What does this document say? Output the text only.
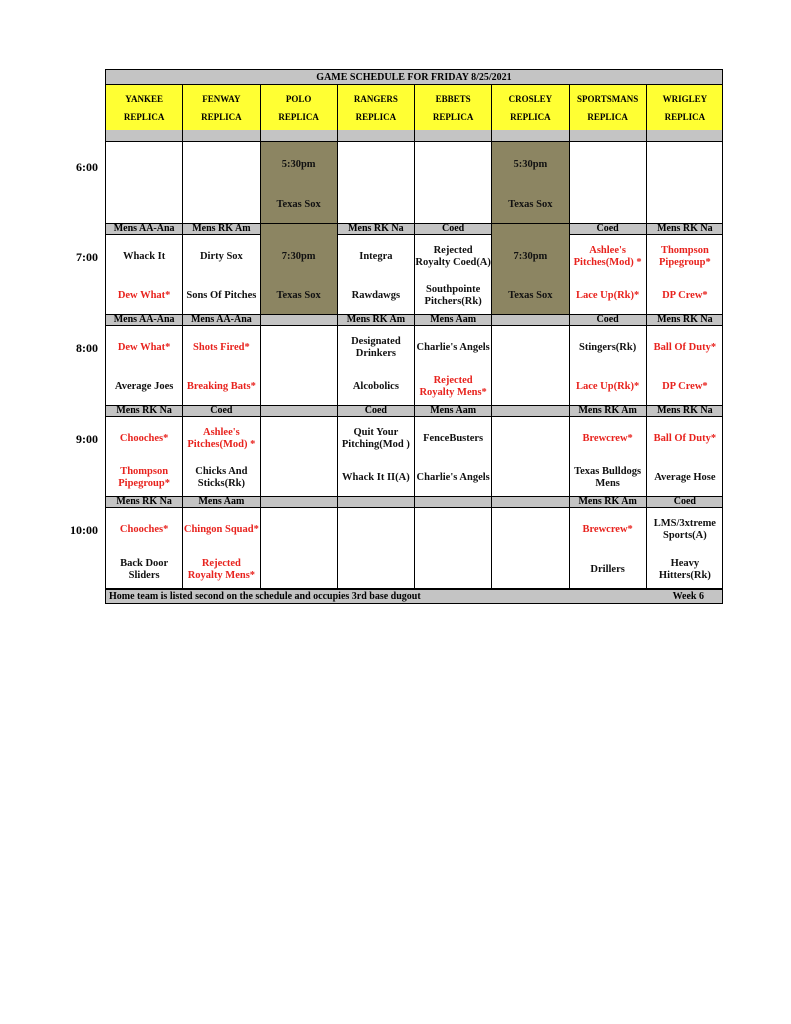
6:00
7:00
8:00
9:00
10:00
GAME SCHEDULE FOR FRIDAY 8/25/2021
YANKEE
REPLICA
Mens AA-Ana
Whack It
Dew What*
Mens AA-Ana
Dew What*
Average Joes
Mens RK Na
Chooches*
Thompson Pipegroup*
Mens RK Na
Chooches*
Back Door Sliders
FENWAY
REPLICA
Mens RK Am
Dirty Sox
Sons Of Pitches
Mens AA-Ana
Shots Fired*
Breaking Bats*
Coed
Ashlee's Pitches(Mod) *
Chicks And Sticks(Rk)
Mens Aam
Chingon Squad*
Rejected Royalty Mens*
POLO
REPLICA
5:30pm
Texas Sox
7:30pm
Texas Sox
RANGERS
REPLICA
Mens RK Na
Integra
Rawdawgs
Mens RK Am
Designated Drinkers
Alcobolics
Coed
Quit Your Pitching(Mod )
Whack It II(A)
EBBETS
REPLICA
Coed
Rejected Royalty Coed(A)
Southpointe Pitchers(Rk)
Mens Aam
Charlie's Angels
Rejected Royalty Mens*
Mens Aam
FenceBusters
Charlie's Angels
CROSLEY
REPLICA
5:30pm
Texas Sox
7:30pm
Texas Sox
SPORTSMANS
REPLICA
Coed
Ashlee's Pitches(Mod) *
Lace Up(Rk)*
Coed
Stingers(Rk)
Lace Up(Rk)*
Mens RK Am
Brewcrew*
Texas Bulldogs Mens
Mens RK Am
Brewcrew*
Drillers
WRIGLEY
REPLICA
Mens RK Na
Thompson Pipegroup*
DP Crew*
Mens RK Na
Ball Of Duty*
DP Crew*
Mens RK Na
Ball Of Duty*
Average Hose
Coed
LMS/3xtreme Sports(A)
Heavy Hitters(Rk)
Home team is listed second on the schedule and occupies 3rd base dugout	Week 6
